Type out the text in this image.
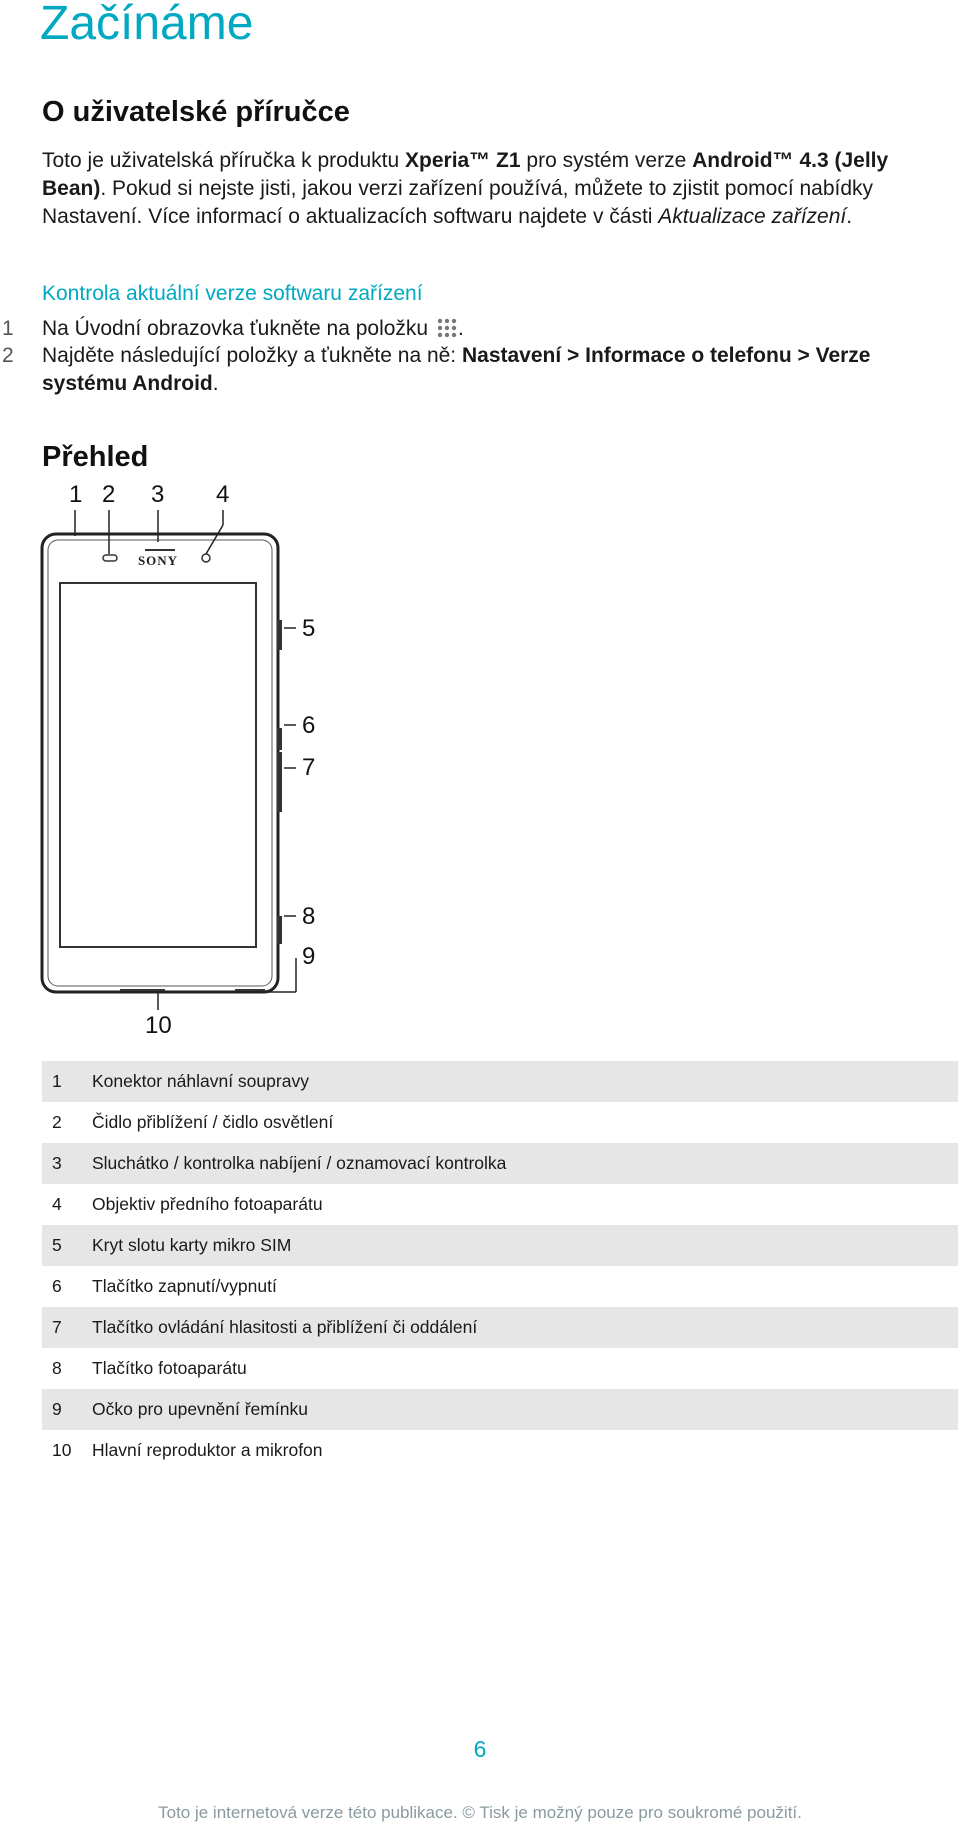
Začínáme
O uživatelské příručce
Toto je uživatelská příručka k produktu Xperia™ Z1 pro systém verze Android™ 4.3 (Jelly Bean). Pokud si nejste jisti, jakou verzi zařízení používá, můžete to zjistit pomocí nabídky Nastavení. Více informací o aktualizacích softwaru najdete v části Aktualizace zařízení.
Kontrola aktuální verze softwaru zařízení
1 Na Úvodní obrazovka ťukněte na položku .
2 Najděte následující položky a ťukněte na ně: Nastavení > Informace o telefonu > Verze systému Android.
Přehled
SONY
1 2 3 4
5
6
7
8
9
10
1	Konektor náhlavní soupravy
2	Čidlo přiblížení / čidlo osvětlení
3	Sluchátko / kontrolka nabíjení / oznamovací kontrolka
4	Objektiv předního fotoaparátu
5	Kryt slotu karty mikro SIM
6	Tlačítko zapnutí/vypnutí
7	Tlačítko ovládání hlasitosti a přiblížení či oddálení
8	Tlačítko fotoaparátu
9	Očko pro upevnění řemínku
10	Hlavní reproduktor a mikrofon
6
Toto je internetová verze této publikace. © Tisk je možný pouze pro soukromé použití.
